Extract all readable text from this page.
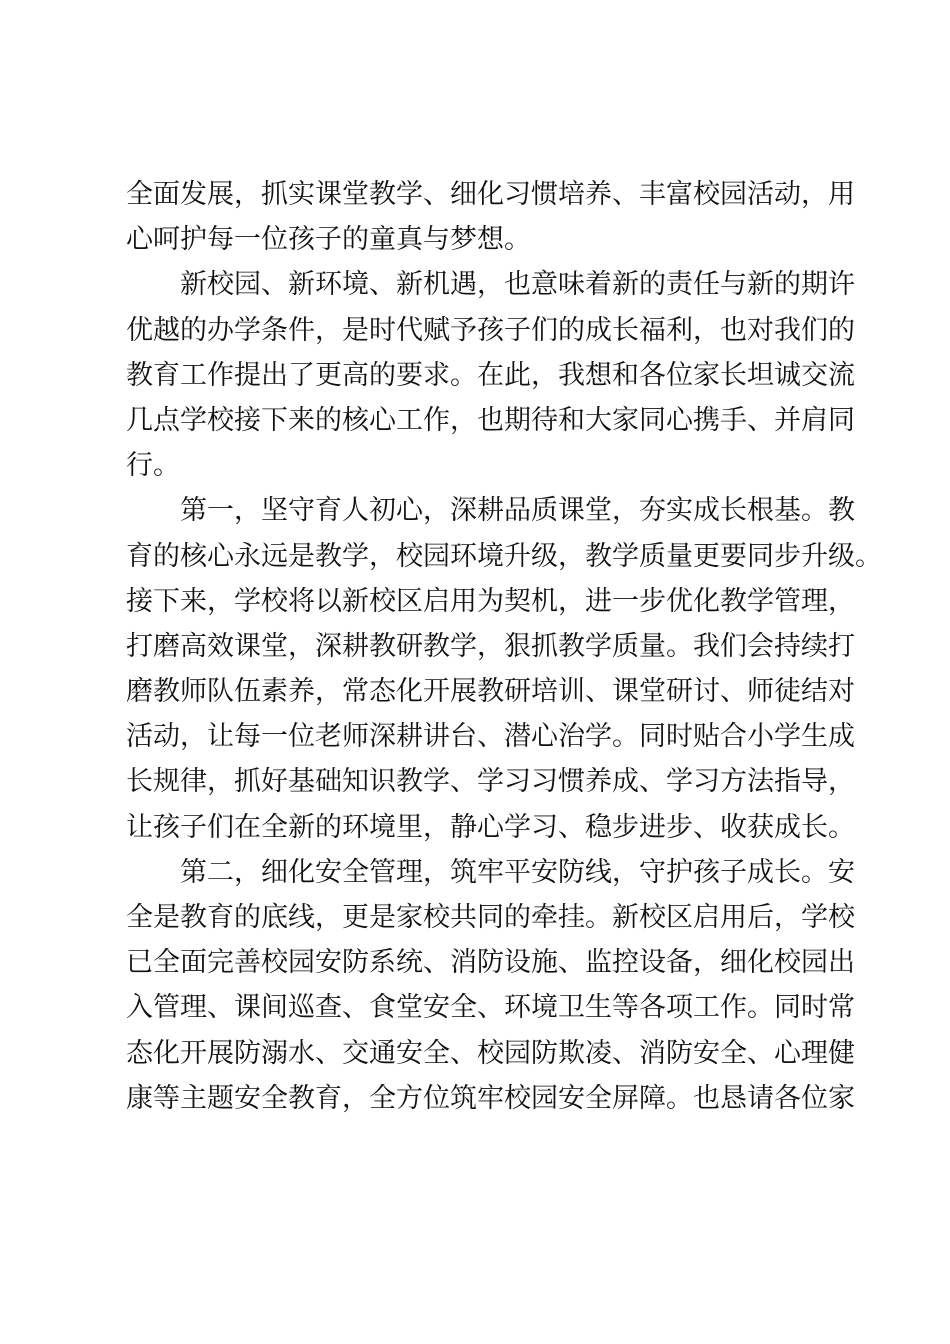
全面发展，抓实课堂教学、细化习惯培养、丰富校园活动，用
心呵护每一位孩子的童真与梦想。
新校园、新环境、新机遇，也意味着新的责任与新的期许
优越的办学条件，是时代赋予孩子们的成长福利，也对我们的
教育工作提出了更高的要求。在此，我想和各位家长坦诚交流
几点学校接下来的核心工作，也期待和大家同心携手、并肩同
行。
第一，坚守育人初心，深耕品质课堂，夯实成长根基。教
育的核心永远是教学，校园环境升级，教学质量更要同步升级。
接下来，学校将以新校区启用为契机，进一步优化教学管理，
打磨高效课堂，深耕教研教学，狠抓教学质量。我们会持续打
磨教师队伍素养，常态化开展教研培训、课堂研讨、师徒结对
活动，让每一位老师深耕讲台、潜心治学。同时贴合小学生成
长规律，抓好基础知识教学、学习习惯养成、学习方法指导，
让孩子们在全新的环境里，静心学习、稳步进步、收获成长。
第二，细化安全管理，筑牢平安防线，守护孩子成长。安
全是教育的底线，更是家校共同的牵挂。新校区启用后，学校
已全面完善校园安防系统、消防设施、监控设备，细化校园出
入管理、课间巡查、食堂安全、环境卫生等各项工作。同时常
态化开展防溺水、交通安全、校园防欺凌、消防安全、心理健
康等主题安全教育，全方位筑牢校园安全屏障。也恳请各位家
